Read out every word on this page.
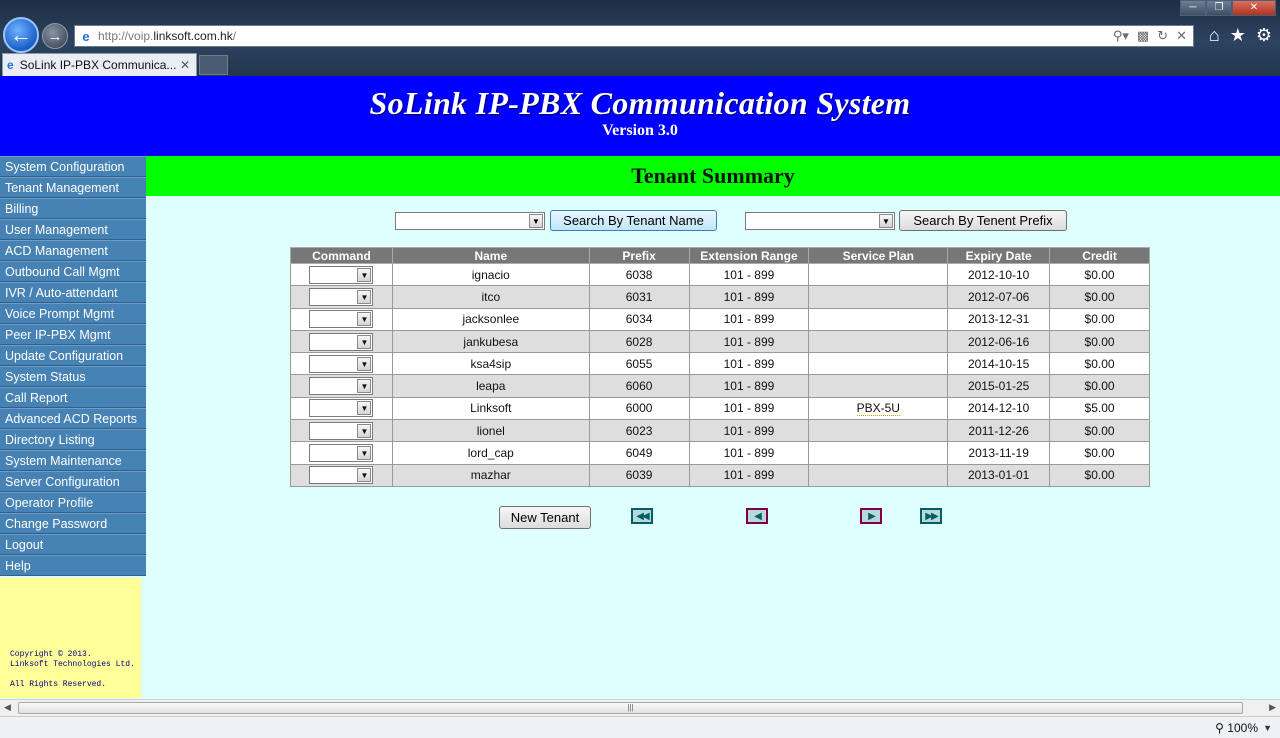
←	→	e http://voip.linksoft.com.hk/	⚲▾ ▩ ↻ ✕
─	❐	✕
⌂ ★ ⚙
e SoLink IP-PBX Communica... ✕
SoLink IP-PBX Communication System
Version 3.0
System Configuration
Tenant Management
Billing
User Management
ACD Management
Outbound Call Mgmt
IVR / Auto-attendant
Voice Prompt Mgmt
Peer IP-PBX Mgmt
Update Configuration
System Status
Call Report
Advanced ACD Reports
Directory Listing
System Maintenance
Server Configuration
Operator Profile
Change Password
Logout
Help
Copyright © 2013.
Linksoft Technologies Ltd.

All Rights Reserved.
Tenant Summary
▼	Search By Tenant Name	▼	Search By Tenent Prefix
Command	Name	Prefix	Extension Range	Service Plan	Expiry Date	Credit

▼	ignacio	6038	101 - 899		2012-10-10	$0.00

▼	itco	6031	101 - 899		2012-07-06	$0.00

▼	jacksonlee	6034	101 - 899		2013-12-31	$0.00

▼	jankubesa	6028	101 - 899		2012-06-16	$0.00

▼	ksa4sip	6055	101 - 899		2014-10-15	$0.00

▼	leapa	6060	101 - 899		2015-01-25	$0.00

▼	Linksoft	6000	101 - 899	PBX-5U	2014-12-10	$5.00

▼	lionel	6023	101 - 899		2011-12-26	$0.00

▼	lord_cap	6049	101 - 899		2013-11-19	$0.00

▼	mazhar	6039	101 - 899		2013-01-01	$0.00
New Tenant	◀◀	◀	▶	▶▶
◀	|||	▶
⚲ 100% ▼
